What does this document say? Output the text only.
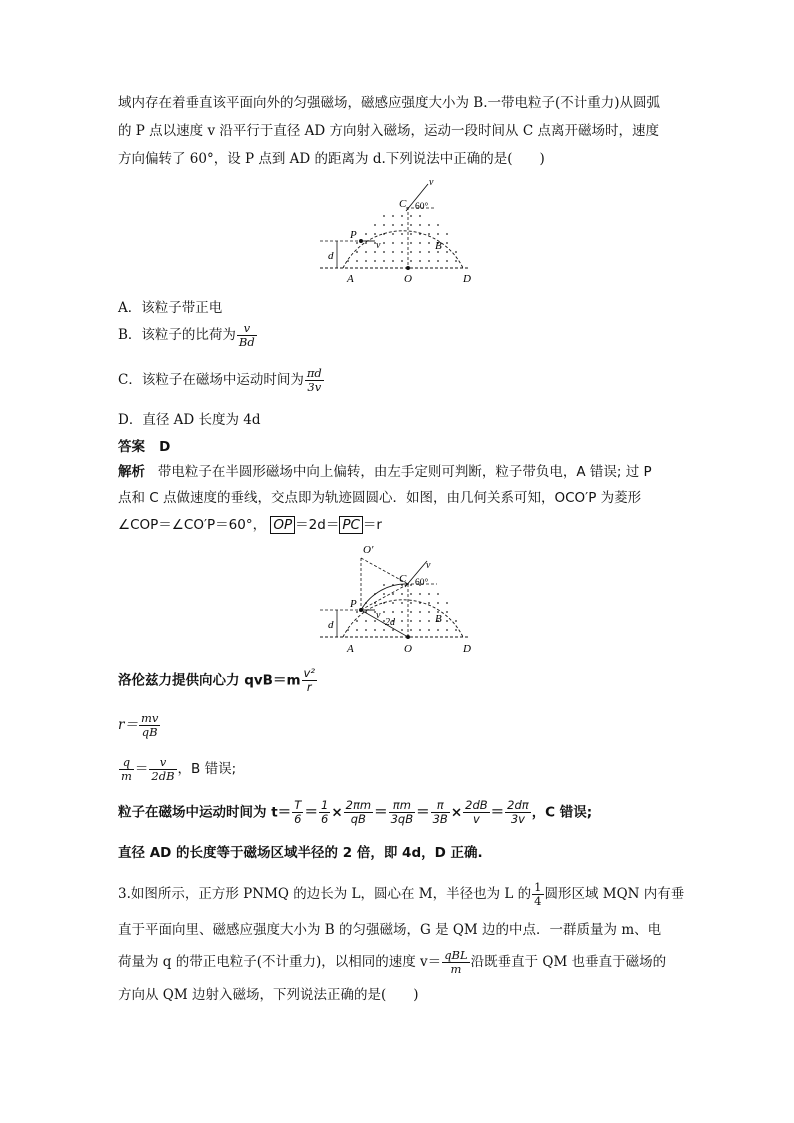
域内存在着垂直该平面向外的匀强磁场，磁感应强度大小为 B.一带电粒子(不计重力)从圆弧
的 P 点以速度 v 沿平行于直径 AD 方向射入磁场，运动一段时间从 C 点离开磁场时，速度
方向偏转了 60°，设 P 点到 AD 的距离为 d.下列说法中正确的是(　　)
v
C 60°
P
v	B
d
A	O	D
A．该粒子带正电
B．该粒子的比荷为 $\frac{v}{Bd}$
C．该粒子在磁场中运动时间为 $\frac{\pi d}{3v}$
D．直径 AD 长度为 4d
答案 D
解析 带电粒子在半圆形磁场中向上偏转，由左手定则可判断，粒子带负电，A 错误; 过 P
点和 C 点做速度的垂线，交点即为轨迹圆圆心．如图，由几何关系可知，OCO′P 为菱形
∠COP＝∠CO′P＝60°， OP ＝2d＝ PC ＝r
O′
C
v
60°
P
v
2d	B
d
A	O	D
洛伦兹力提供向心力 $qvB=m \frac{\text{v²}}{r}$
$r= \frac{mv}{qB}$
$\frac{q}{m} = \frac{v}{2dB}$ ，B 错误;
粒子在磁场中运动时间为 $t= \frac{T}{6} = \frac{1}{6} \times \frac{2\pi m}{qB} = \frac{\pi m}{3qB} = \frac{\pi}{3B} \times \frac{2dB}{v} = \frac{2d\pi}{3v}$ ，C 错误;
直径 AD 的长度等于磁场区域半径的 2 倍，即 4d，D 正确.
3.如图所示，正方形 PNMQ 的边长为 L，圆心在 M，半径也为 L 的 $\frac{1}{4}$ 圆形区域 MQN 内有垂
直于平面向里、磁感应强度大小为 B 的匀强磁场，G 是 QM 边的中点．一群质量为 m、电
荷量为 q 的带正电粒子(不计重力)，以相同的速度 $v= \frac{\text{qBL}}{m}$ 沿既垂直于 QM 也垂直于磁场的
方向从 QM 边射入磁场，下列说法正确的是(　　)
